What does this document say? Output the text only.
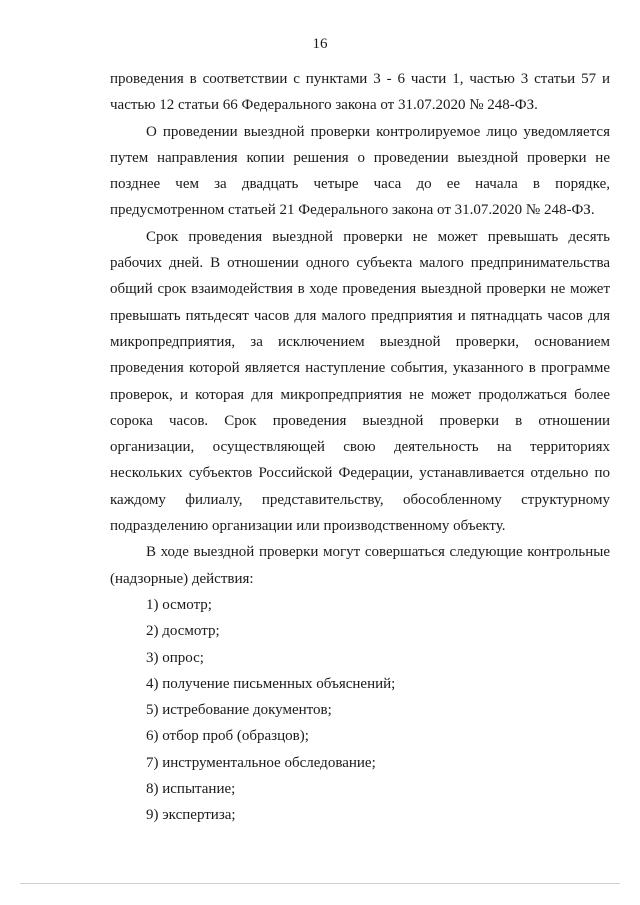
16

проведения в соответствии с пунктами 3 - 6 части 1, частью 3 статьи 57 и частью 12 статьи 66 Федерального закона от 31.07.2020 № 248-ФЗ.

О проведении выездной проверки контролируемое лицо уведомляется путем направления копии решения о проведении выездной проверки не позднее чем за двадцать четыре часа до ее начала в порядке, предусмотренном статьей 21 Федерального закона от 31.07.2020 № 248-ФЗ.

Срок проведения выездной проверки не может превышать десять рабочих дней. В отношении одного субъекта малого предпринимательства общий срок взаимодействия в ходе проведения выездной проверки не может превышать пятьдесят часов для малого предприятия и пятнадцать часов для микропредприятия, за исключением выездной проверки, основанием проведения которой является наступление события, указанного в программе проверок, и которая для микропредприятия не может продолжаться более сорока часов. Срок проведения выездной проверки в отношении организации, осуществляющей свою деятельность на территориях нескольких субъектов Российской Федерации, устанавливается отдельно по каждому филиалу, представительству, обособленному структурному подразделению организации или производственному объекту.

В ходе выездной проверки могут совершаться следующие контрольные (надзорные) действия:

1) осмотр;

2) досмотр;

3) опрос;

4) получение письменных объяснений;

5) истребование документов;

6) отбор проб (образцов);

7) инструментальное обследование;

8) испытание;

9) экспертиза;
